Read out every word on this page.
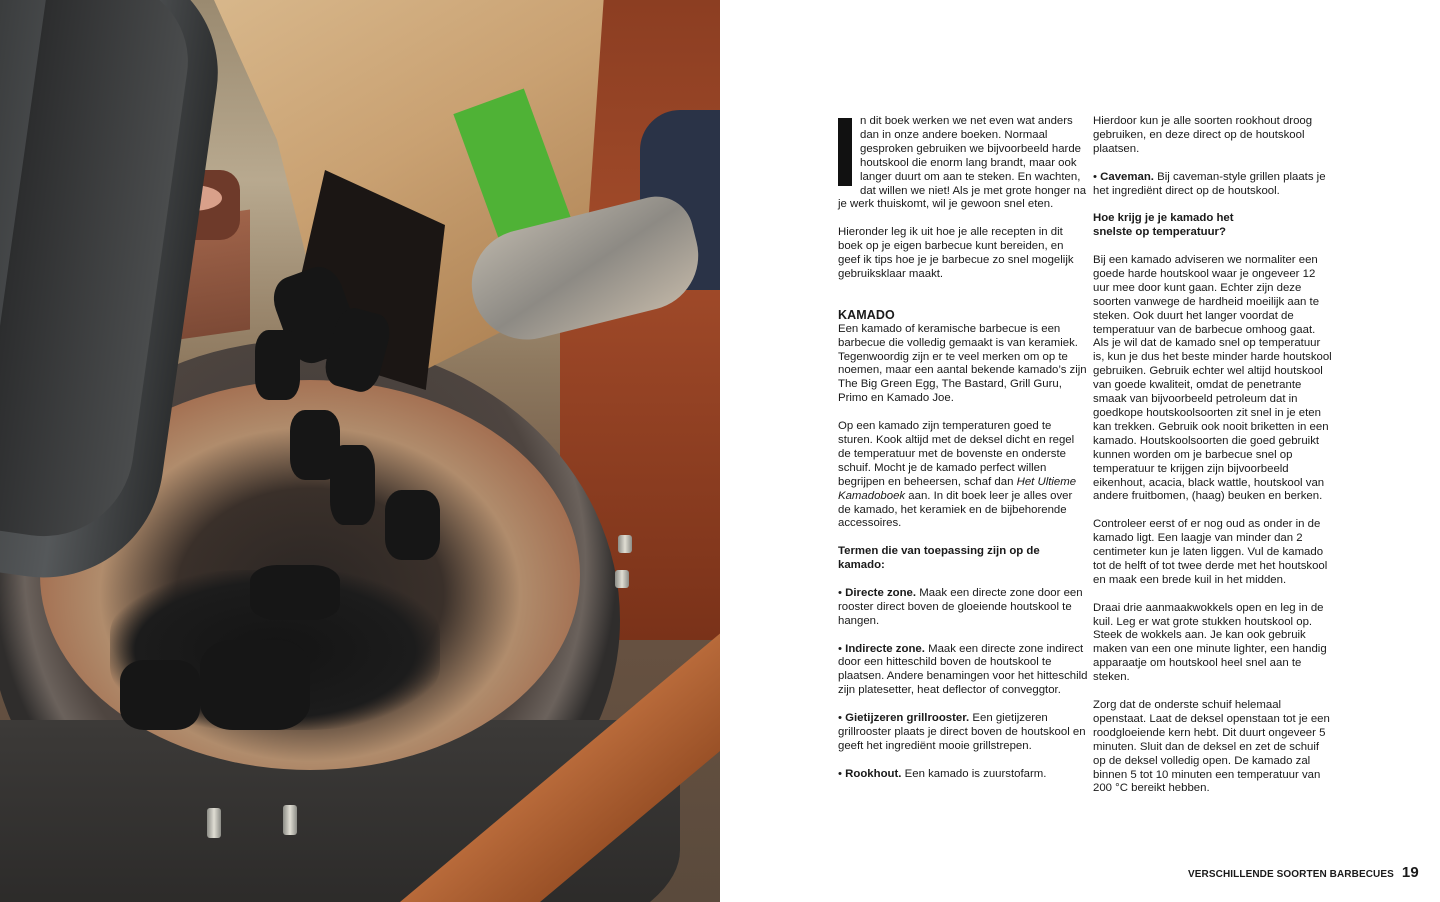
n dit boek werken we net even wat anders dan in onze andere boeken. Normaal gesproken gebruiken we bijvoorbeeld harde houtskool die enorm lang brandt, maar ook langer duurt om aan te steken. En wachten, dat willen we niet! Als je met grote honger na je werk thuiskomt, wil je gewoon snel eten.

Hieronder leg ik uit hoe je alle recepten in dit boek op je eigen barbecue kunt bereiden, en geef ik tips hoe je je barbecue zo snel mogelijk gebruiksklaar maakt.

KAMADO

Een kamado of keramische barbecue is een barbecue die volledig gemaakt is van keramiek. Tegenwoordig zijn er te veel merken om op te noemen, maar een aantal bekende kamado’s zijn The Big Green Egg, The Bastard, Grill Guru, Primo en Kamado Joe.

Op een kamado zijn temperaturen goed te sturen. Kook altijd met de deksel dicht en regel de temperatuur met de bovenste en onderste schuif. Mocht je de kamado perfect willen begrijpen en beheersen, schaf dan Het Ultieme Kamadoboek aan. In dit boek leer je alles over de kamado, het keramiek en de bijbehorende accessoires.

Termen die van toepassing zijn op de kamado:

• Directe zone. Maak een directe zone door een rooster direct boven de gloeiende houtskool te hangen.

• Indirecte zone. Maak een directe zone indirect door een hitteschild boven de houtskool te plaatsen. Andere benamingen voor het hitteschild zijn platesetter, heat deflector of conveggtor.

• Gietijzeren grillrooster. Een gietijzeren grillrooster plaats je direct boven de houtskool en geeft het ingrediënt mooie grillstrepen.

• Rookhout. Een kamado is zuurstofarm.

Hierdoor kun je alle soorten rookhout droog gebruiken, en deze direct op de houtskool plaatsen.

• Caveman. Bij caveman-style grillen plaats je het ingrediënt direct op de houtskool.

Hoe krijg je je kamado het snelste op temperatuur?

Bij een kamado adviseren we normaliter een goede harde houtskool waar je ongeveer 12 uur mee door kunt gaan. Echter zijn deze soorten vanwege de hardheid moeilijk aan te steken. Ook duurt het langer voordat de temperatuur van de barbecue omhoog gaat. Als je wil dat de kamado snel op temperatuur is, kun je dus het beste minder harde houtskool gebruiken. Gebruik echter wel altijd houtskool van goede kwaliteit, omdat de penetrante smaak van bijvoorbeeld petroleum dat in goedkope houtskoolsoorten zit snel in je eten kan trekken. Gebruik ook nooit briketten in een kamado. Houtskoolsoorten die goed gebruikt kunnen worden om je barbecue snel op temperatuur te krijgen zijn bijvoorbeeld eikenhout, acacia, black wattle, houtskool van andere fruitbomen, (haag) beuken en berken.

Controleer eerst of er nog oud as onder in de kamado ligt. Een laagje van minder dan 2 centimeter kun je laten liggen. Vul de kamado tot de helft of tot twee derde met het houtskool en maak een brede kuil in het midden.

Draai drie aanmaakwokkels open en leg in de kuil. Leg er wat grote stukken houtskool op. Steek de wokkels aan. Je kan ook gebruik maken van een one minute lighter, een handig apparaatje om houtskool heel snel aan te steken.

Zorg dat de onderste schuif helemaal openstaat. Laat de deksel openstaan tot je een roodgloeiende kern hebt. Dit duurt ongeveer 5 minuten. Sluit dan de deksel en zet de schuif op de deksel volledig open. De kamado zal binnen 5 tot 10 minuten een temperatuur van 200 °C bereikt hebben.

VERSCHILLENDE SOORTEN BARBECUES 19
